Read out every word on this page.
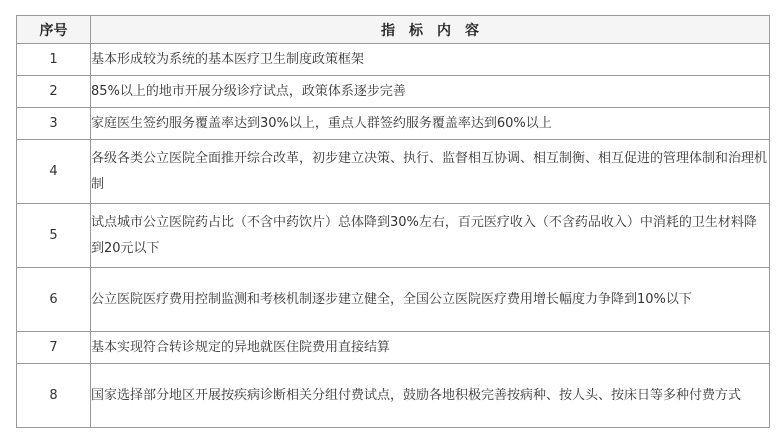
序号	指标内容
1	基本形成较为系统的基本医疗卫生制度政策框架
2	85%以上的地市开展分级诊疗试点，政策体系逐步完善
3	家庭医生签约服务覆盖率达到30%以上，重点人群签约服务覆盖率达到60%以上
4	各级各类公立医院全面推开综合改革，初步建立决策、执行、监督相互协调、相互制衡、相互促进的管理体制和治理机制
5	试点城市公立医院药占比（不含中药饮片）总体降到30%左右，百元医疗收入（不含药品收入）中消耗的卫生材料降到20元以下
6	公立医院医疗费用控制监测和考核机制逐步建立健全，全国公立医院医疗费用增长幅度力争降到10%以下
7	基本实现符合转诊规定的异地就医住院费用直接结算
8	国家选择部分地区开展按疾病诊断相关分组付费试点，鼓励各地积极完善按病种、按人头、按床日等多种付费方式
